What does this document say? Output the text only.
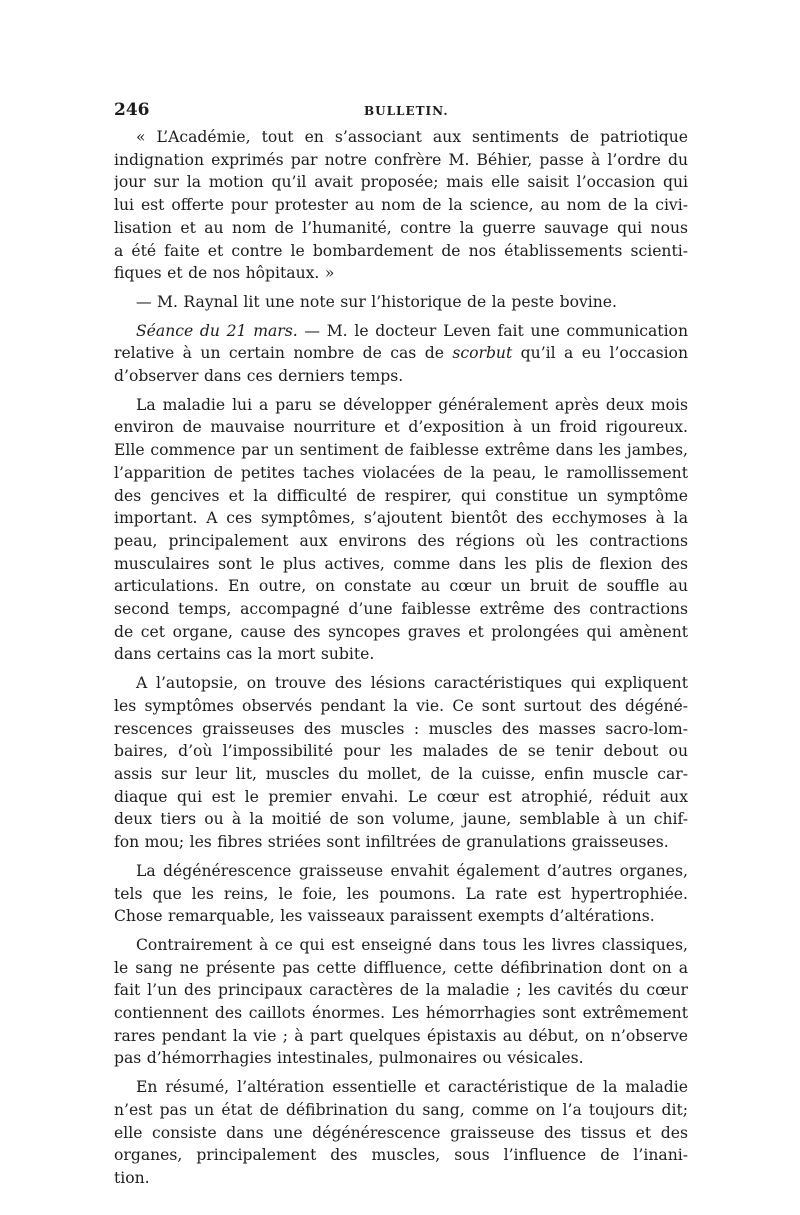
246	BULLETIN.

« L’Académie, tout en s’associant aux sentiments de patriotique
indignation exprimés par notre confrère M. Béhier, passe à l’ordre du
jour sur la motion qu’il avait proposée; mais elle saisit l’occasion qui
lui est offerte pour protester au nom de la science, au nom de la civi-
lisation et au nom de l’humanité, contre la guerre sauvage qui nous
a été faite et contre le bombardement de nos établissements scienti-
fiques et de nos hôpitaux. »

— M. Raynal lit une note sur l’historique de la peste bovine.

Séance du 21 mars. — M. le docteur Leven fait une communication
relative à un certain nombre de cas de scorbut qu’il a eu l’occasion
d’observer dans ces derniers temps.

La maladie lui a paru se développer généralement après deux mois
environ de mauvaise nourriture et d’exposition à un froid rigoureux.
Elle commence par un sentiment de faiblesse extrême dans les jambes,
l’apparition de petites taches violacées de la peau, le ramollissement
des gencives et la difficulté de respirer, qui constitue un symptôme
important. A ces symptômes, s’ajoutent bientôt des ecchymoses à la
peau, principalement aux environs des régions où les contractions
musculaires sont le plus actives, comme dans les plis de flexion des
articulations. En outre, on constate au cœur un bruit de souffle au
second temps, accompagné d’une faiblesse extrême des contractions
de cet organe, cause des syncopes graves et prolongées qui amènent
dans certains cas la mort subite.

A l’autopsie, on trouve des lésions caractéristiques qui expliquent
les symptômes observés pendant la vie. Ce sont surtout des dégéné-
rescences graisseuses des muscles : muscles des masses sacro-lom-
baires, d’où l’impossibilité pour les malades de se tenir debout ou
assis sur leur lit, muscles du mollet, de la cuisse, enfin muscle car-
diaque qui est le premier envahi. Le cœur est atrophié, réduit aux
deux tiers ou à la moitié de son volume, jaune, semblable à un chif-
fon mou; les fibres striées sont infiltrées de granulations graisseuses.

La dégénérescence graisseuse envahit également d’autres organes,
tels que les reins, le foie, les poumons. La rate est hypertrophiée.
Chose remarquable, les vaisseaux paraissent exempts d’altérations.

Contrairement à ce qui est enseigné dans tous les livres classiques,
le sang ne présente pas cette diffluence, cette défibrination dont on a
fait l’un des principaux caractères de la maladie ; les cavités du cœur
contiennent des caillots énormes. Les hémorrhagies sont extrêmement
rares pendant la vie ; à part quelques épistaxis au début, on n’observe
pas d’hémorrhagies intestinales, pulmonaires ou vésicales.

En résumé, l’altération essentielle et caractéristique de la maladie
n’est pas un état de défibrination du sang, comme on l’a toujours dit;
elle consiste dans une dégénérescence graisseuse des tissus et des
organes, principalement des muscles, sous l’influence de l’inani-
tion.
